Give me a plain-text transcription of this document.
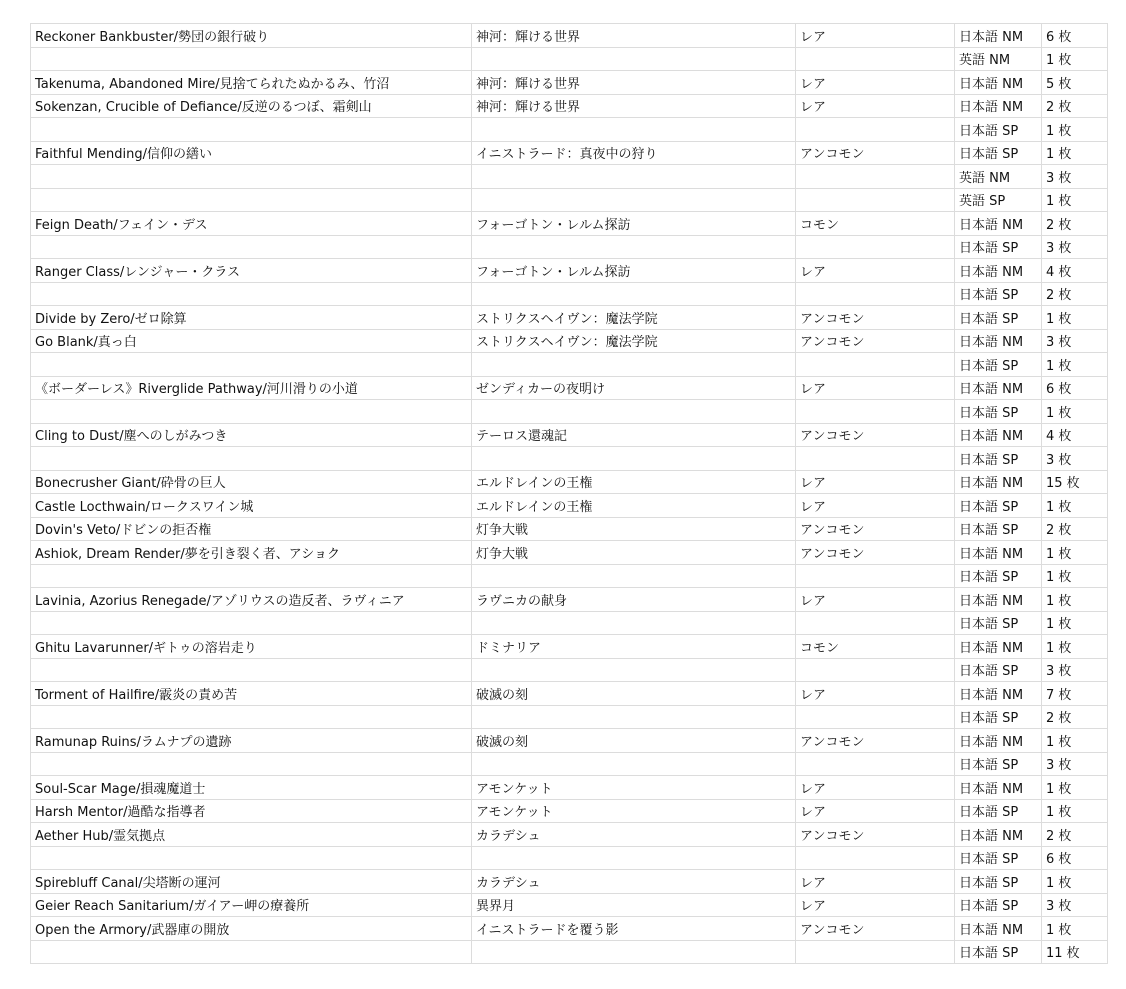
Reckoner Bankbuster/勢団の銀行破り	神河：輝ける世界	レア	日本語 NM	6 枚
			英語 NM	1 枚
Takenuma, Abandoned Mire/見捨てられたぬかるみ、竹沼	神河：輝ける世界	レア	日本語 NM	5 枚
Sokenzan, Crucible of Defiance/反逆のるつぼ、霜剣山	神河：輝ける世界	レア	日本語 NM	2 枚
			日本語 SP	1 枚
Faithful Mending/信仰の繕い	イニストラード：真夜中の狩り	アンコモン	日本語 SP	1 枚
			英語 NM	3 枚
			英語 SP	1 枚
Feign Death/フェイン・デス	フォーゴトン・レルム探訪	コモン	日本語 NM	2 枚
			日本語 SP	3 枚
Ranger Class/レンジャー・クラス	フォーゴトン・レルム探訪	レア	日本語 NM	4 枚
			日本語 SP	2 枚
Divide by Zero/ゼロ除算	ストリクスヘイヴン：魔法学院	アンコモン	日本語 SP	1 枚
Go Blank/真っ白	ストリクスヘイヴン：魔法学院	アンコモン	日本語 NM	3 枚
			日本語 SP	1 枚
《ボーダーレス》Riverglide Pathway/河川滑りの小道	ゼンディカーの夜明け	レア	日本語 NM	6 枚
			日本語 SP	1 枚
Cling to Dust/塵へのしがみつき	テーロス還魂記	アンコモン	日本語 NM	4 枚
			日本語 SP	3 枚
Bonecrusher Giant/砕骨の巨人	エルドレインの王権	レア	日本語 NM	15 枚
Castle Locthwain/ロークスワイン城	エルドレインの王権	レア	日本語 SP	1 枚
Dovin's Veto/ドビンの拒否権	灯争大戦	アンコモン	日本語 SP	2 枚
Ashiok, Dream Render/夢を引き裂く者、アショク	灯争大戦	アンコモン	日本語 NM	1 枚
			日本語 SP	1 枚
Lavinia, Azorius Renegade/アゾリウスの造反者、ラヴィニア	ラヴニカの献身	レア	日本語 NM	1 枚
			日本語 SP	1 枚
Ghitu Lavarunner/ギトゥの溶岩走り	ドミナリア	コモン	日本語 NM	1 枚
			日本語 SP	3 枚
Torment of Hailfire/霰炎の責め苦	破滅の刻	レア	日本語 NM	7 枚
			日本語 SP	2 枚
Ramunap Ruins/ラムナプの遺跡	破滅の刻	アンコモン	日本語 NM	1 枚
			日本語 SP	3 枚
Soul-Scar Mage/損魂魔道士	アモンケット	レア	日本語 NM	1 枚
Harsh Mentor/過酷な指導者	アモンケット	レア	日本語 SP	1 枚
Aether Hub/霊気拠点	カラデシュ	アンコモン	日本語 NM	2 枚
			日本語 SP	6 枚
Spirebluff Canal/尖塔断の運河	カラデシュ	レア	日本語 SP	1 枚
Geier Reach Sanitarium/ガイアー岬の療養所	異界月	レア	日本語 SP	3 枚
Open the Armory/武器庫の開放	イニストラードを覆う影	アンコモン	日本語 NM	1 枚
			日本語 SP	11 枚
